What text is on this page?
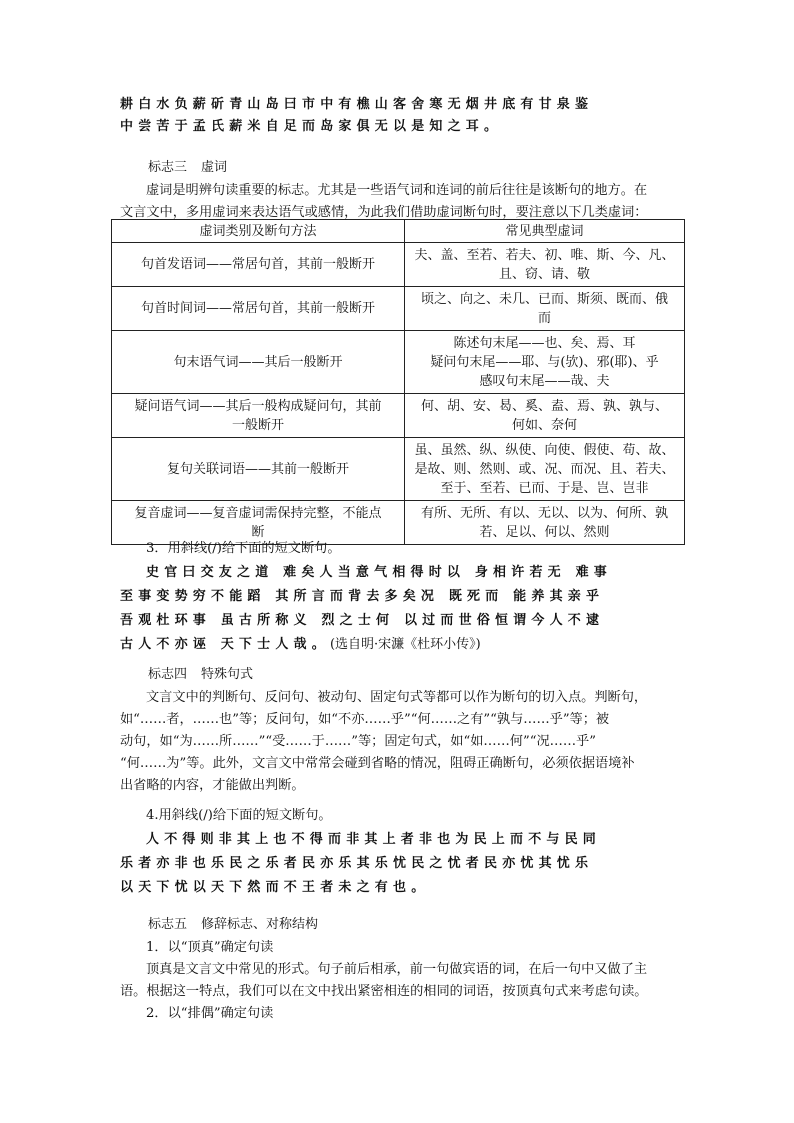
耕白水负薪斫青山岛曰市中有樵山客舍寒无烟井底有甘泉鉴
中尝苦于孟氏薪米自足而岛家俱无以是知之耳。
标志三 虚词
虚词是明辨句读重要的标志。尤其是一些语气词和连词的前后往往是该断句的地方。在
文言文中，多用虚词来表达语气或感情，为此我们借助虚词断句时，要注意以下几类虚词：
虚词类别及断句方法	常见典型虚词

句首发语词——常居句首，其前一般断开	夫、盖、至若、若夫、初、唯、斯、今、凡、
且、窃、请、敬

句首时间词——常居句首，其前一般断开	顷之、向之、未几、已而、斯须、既而、俄
而

句末语气词——其后一般断开	陈述句末尾——也、矣、焉、耳
疑问句末尾——耶、与(欤)、邪(耶)、乎
感叹句末尾——哉、夫

疑问语气词——其后一般构成疑问句，其前
一般断开	何、胡、安、曷、奚、盍、焉、孰、孰与、
何如、奈何

复句关联词语——其前一般断开	虽、虽然、纵、纵使、向使、假使、苟、故、
是故、则、然则、或、况、而况、且、若夫、
至于、至若、已而、于是、岂、岂非

复音虚词——复音虚词需保持完整，不能点
断	有所、无所、有以、无以、以为、何所、孰
若、足以、何以、然则
3．用斜线(/)给下面的短文断句。
史官曰交友之道 难矣人当意气相得时以 身相许若无 难事
至事变势穷不能蹈 其所言而背去多矣况 既死而 能养其亲乎
吾观杜环事 虽古所称义 烈之士何 以过而世俗恒谓今人不逮
古人不亦诬 天下士人哉。(选自明·宋濂《杜环小传》)
标志四 特殊句式
文言文中的判断句、反问句、被动句、固定句式等都可以作为断句的切入点。判断句，
如“……者，……也”等；反问句，如“不亦……乎”“何……之有”“孰与……乎”等；被
动句，如“为……所……”“受……于……”等；固定句式，如“如……何”“况……乎”
“何……为”等。此外，文言文中常常会碰到省略的情况，阻碍正确断句，必须依据语境补
出省略的内容，才能做出判断。
4.用斜线(/)给下面的短文断句。
人不得则非其上也不得而非其上者非也为民上而不与民同
乐者亦非也乐民之乐者民亦乐其乐忧民之忧者民亦忧其忧乐
以天下忧以天下然而不王者未之有也。
标志五 修辞标志、对称结构
1．以“顶真”确定句读
顶真是文言文中常见的形式。句子前后相承，前一句做宾语的词，在后一句中又做了主
语。根据这一特点，我们可以在文中找出紧密相连的相同的词语，按顶真句式来考虑句读。
2．以“排偶”确定句读
